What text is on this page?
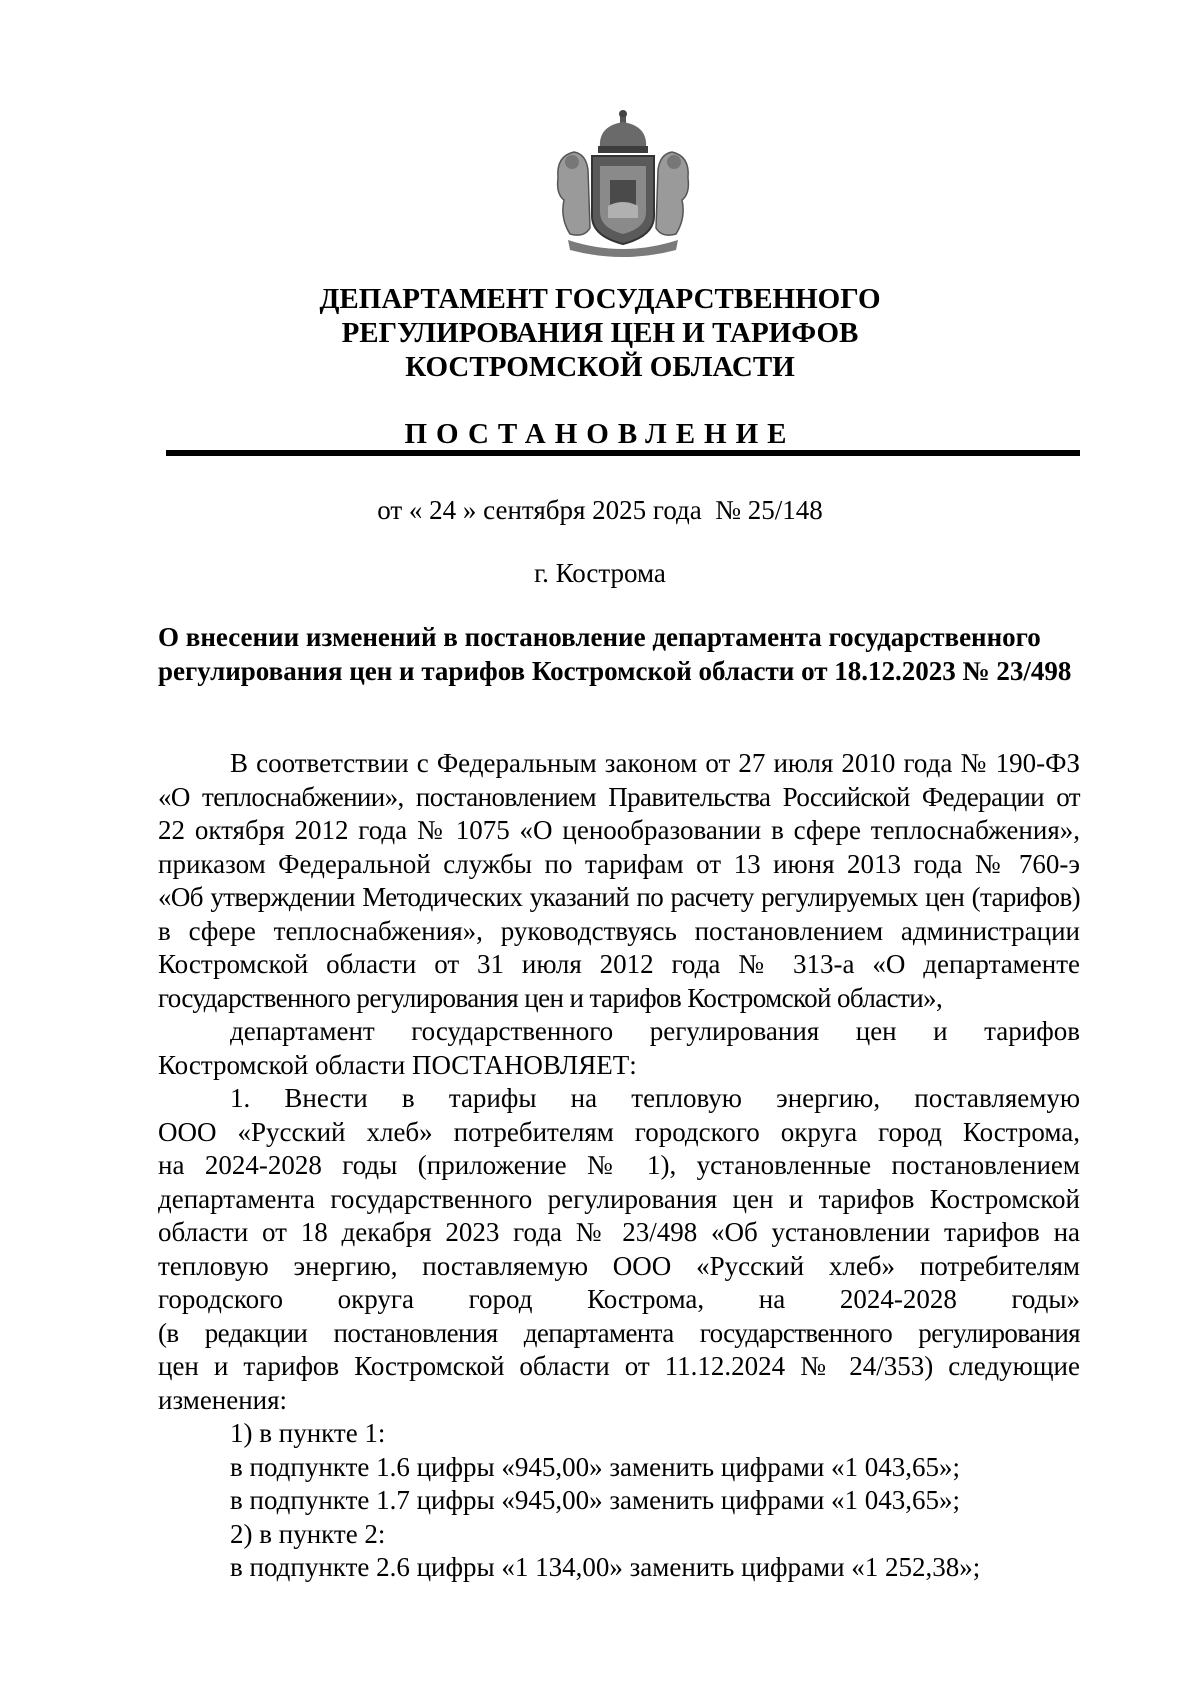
ДЕПАРТАМЕНТ ГОСУДАРСТВЕННОГО
РЕГУЛИРОВАНИЯ ЦЕН И ТАРИФОВ
КОСТРОМСКОЙ ОБЛАСТИ
ПОСТАНОВЛЕНИЕ
от « 24 » сентября 2025 года  № 25/148
г. Кострома
О внесении изменений в постановление департамента государственного
регулирования цен и тарифов Костромской области от 18.12.2023 № 23/498
В соответствии с Федеральным законом от 27 июля 2010 года № 190-ФЗ
«О теплоснабжении», постановлением Правительства Российской Федерации от
22 октября 2012 года № 1075 «О ценообразовании в сфере теплоснабжения»,
приказом Федеральной службы по тарифам от 13 июня 2013 года № 760-э
«Об утверждении Методических указаний по расчету регулируемых цен (тарифов)
в сфере теплоснабжения», руководствуясь постановлением администрации
Костромской области от 31 июля 2012 года № 313-а «О департаменте
государственного регулирования цен и тарифов Костромской области»,
департамент государственного регулирования цен и тарифов
Костромской области ПОСТАНОВЛЯЕТ:
1. Внести в тарифы на тепловую энергию, поставляемую
ООО «Русский хлеб» потребителям городского округа город Кострома,
на 2024-2028 годы (приложение № 1), установленные постановлением
департамента государственного регулирования цен и тарифов Костромской
области от 18 декабря 2023 года № 23/498 «Об установлении тарифов на
тепловую энергию, поставляемую ООО «Русский хлеб» потребителям
городского округа город Кострома, на 2024-2028 годы»
(в редакции постановления департамента государственного регулирования
цен и тарифов Костромской области от 11.12.2024 № 24/353) следующие
изменения:
1) в пункте 1:
в подпункте 1.6 цифры «945,00» заменить цифрами «1 043,65»;
в подпункте 1.7 цифры «945,00» заменить цифрами «1 043,65»;
2) в пункте 2:
в подпункте 2.6 цифры «1 134,00» заменить цифрами «1 252,38»;
